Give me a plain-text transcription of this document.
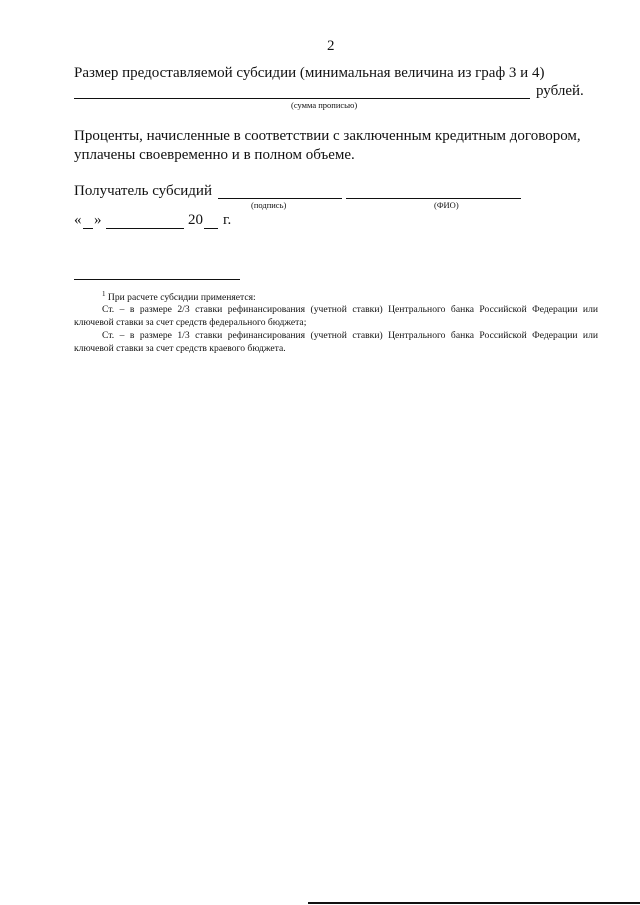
2
Размер предоставляемой субсидии (минимальная величина из граф 3 и 4)
рублей.
(сумма прописью)
Проценты, начисленные в соответствии с заключенным кредитным договором,
уплачены своевременно и в полном объеме.
Получатель субсидий
(подпись)	(ФИО)
« »	20 г.
$^1$ При расчете субсидии применяется:
Ст. – в размере 2/3 ставки рефинансирования (учетной ставки) Центрального банка Российской Федерации или ключевой ставки за счет средств федерального бюджета;
Ст. – в размере 1/3 ставки рефинансирования (учетной ставки) Центрального банка Российской Федерации или ключевой ставки за счет средств краевого бюджета.
